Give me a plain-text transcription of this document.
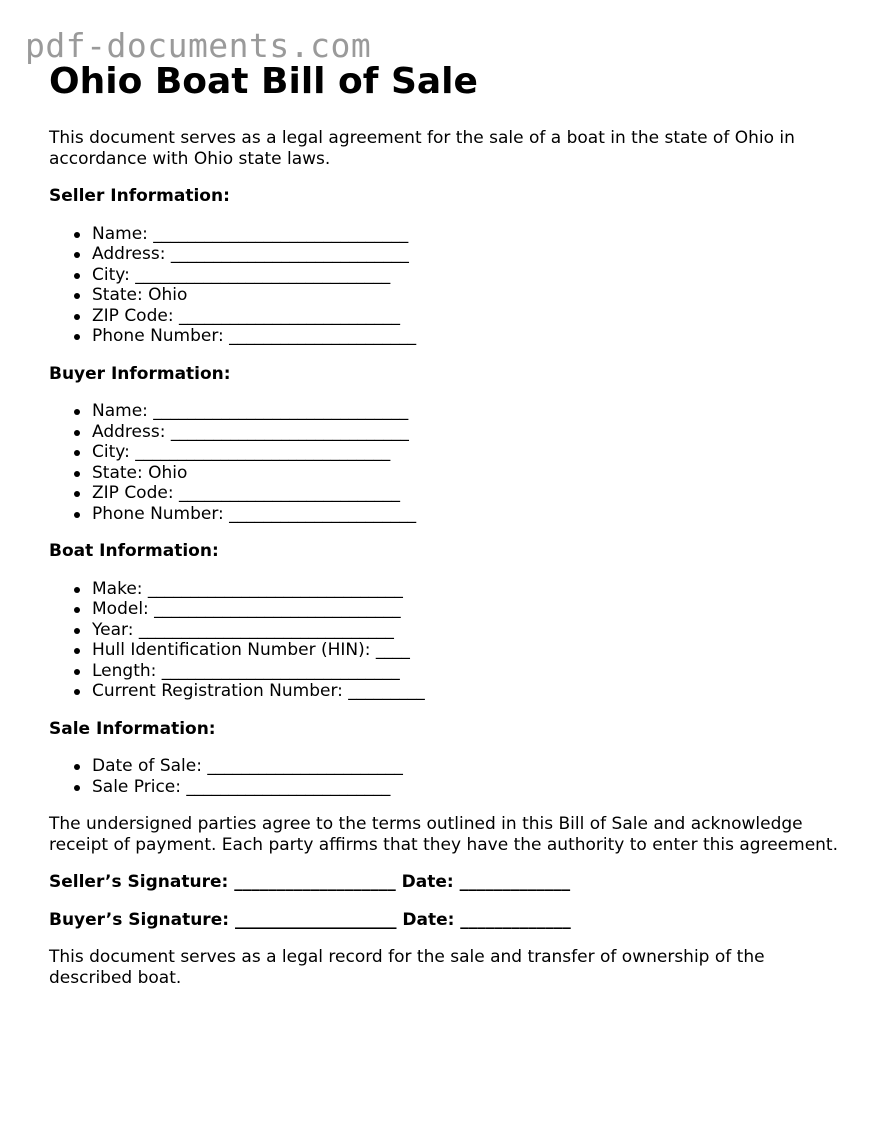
pdf-documents.com
Ohio Boat Bill of Sale

This document serves as a legal agreement for the sale of a boat in the state of Ohio in accordance with Ohio state laws.

Seller Information:
Name: ______________________________
Address: ____________________________
City: ______________________________
State: Ohio
ZIP Code: __________________________
Phone Number: ______________________
Buyer Information:
Name: ______________________________
Address: ____________________________
City: ______________________________
State: Ohio
ZIP Code: __________________________
Phone Number: ______________________
Boat Information:
Make: ______________________________
Model: _____________________________
Year: ______________________________
Hull Identification Number (HIN): ____
Length: ____________________________
Current Registration Number: _________
Sale Information:
Date of Sale: _______________________
Sale Price: ________________________

The undersigned parties agree to the terms outlined in this Bill of Sale and acknowledge receipt of payment. Each party affirms that they have the authority to enter this agreement.

Seller’s Signature: ___________________ Date: _____________
Buyer’s Signature: ___________________ Date: _____________

This document serves as a legal record for the sale and transfer of ownership of the described boat.
